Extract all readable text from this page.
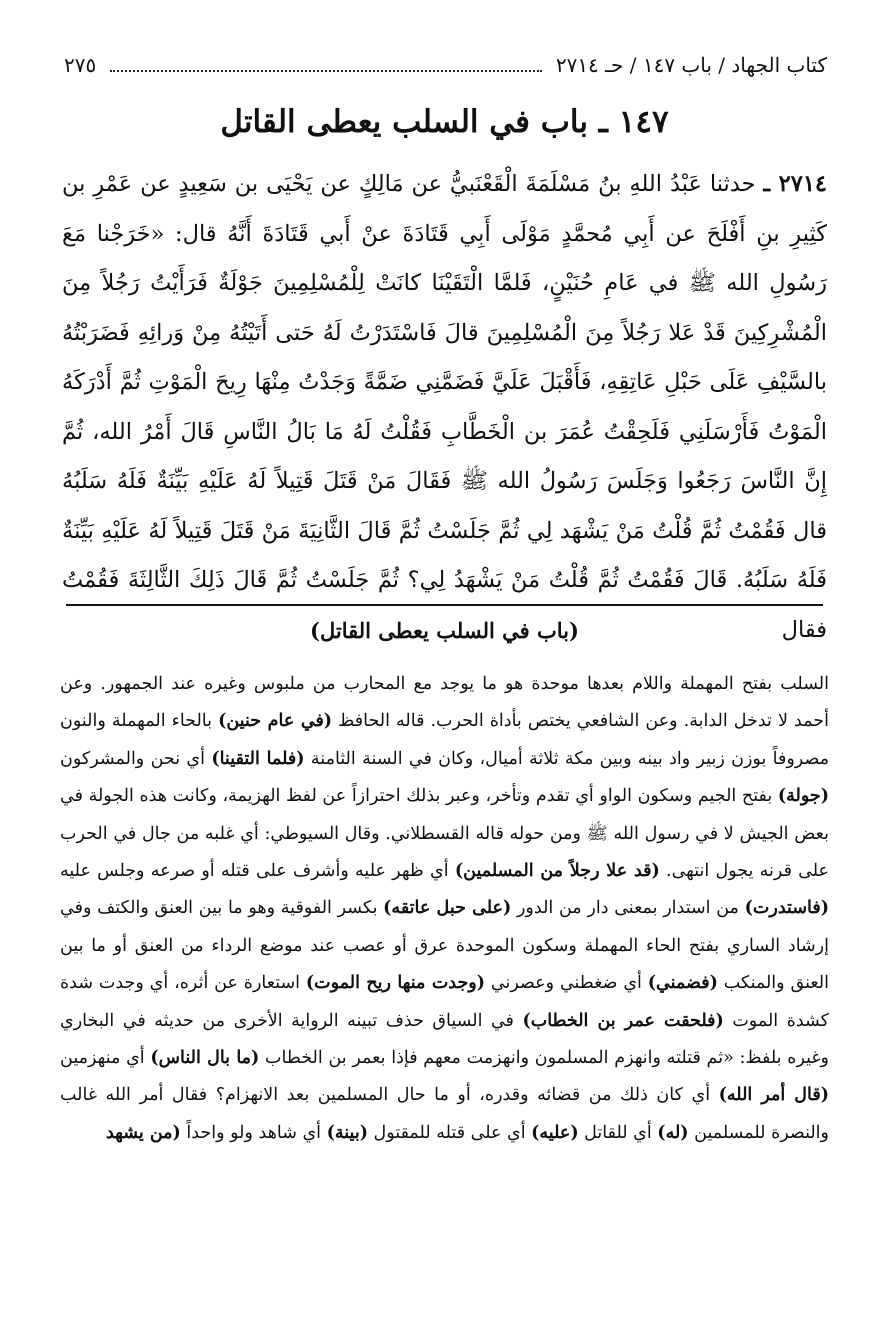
كتاب الجهاد / باب ١٤٧ / حـ ٢٧١٤
٢٧٥
١٤٧ ـ باب في السلب يعطى القاتل
٢٧١٤ ـ حدثنا عَبْدُ اللهِ بنُ مَسْلَمَةَ الْقَعْنَبيُّ عن مَالِكٍ عن يَحْيَى بن سَعِيدٍ عن عَمْرِ بن كَثِيرِ بنِ أَفْلَحَ عن أَبِي مُحمَّدٍ مَوْلَى أَبِي قَتَادَةَ عنْ أَبي قَتَادَةَ أَنَّهُ قال: «خَرَجْنا مَعَ رَسُولِ الله ﷺ في عَامِ حُنَيْنٍ، فَلمَّا الْتَقَيْنَا كانَتْ لِلْمُسْلِمِينَ جَوْلَةٌ فَرَأَيْتُ رَجُلاً مِنَ الْمُشْرِكِينَ قَدْ عَلا رَجُلاً مِنَ الْمُسْلِمِينَ قالَ فَاسْتَدَرْتُ لَهُ حَتى أَتَيْتُهُ مِنْ وَرائِهِ فَضَرَبْتُهُ بالسَّيْفِ عَلَى حَبْلِ عَاتِقِهِ، فَأَقْبَلَ عَلَيَّ فَضَمَّنِي ضَمَّةً وَجَدْتُ مِنْهَا رِيحَ الْمَوْتِ ثُمَّ أَدْرَكَهُ الْمَوْتُ فَأَرْسَلَنِي فَلَحِقْتُ عُمَرَ بن الْخَطَّابِ فَقُلْتُ لَهُ مَا بَالُ النَّاسِ قَالَ أَمْرُ الله، ثُمَّ إِنَّ النَّاسَ رَجَعُوا وَجَلَسَ رَسُولُ الله ﷺ فَقَالَ مَنْ قَتَلَ قَتِيلاً لَهُ عَلَيْهِ بَيِّنَةٌ فَلَهُ سَلَبُهُ قال فَقُمْتُ ثُمَّ قُلْتُ مَنْ يَشْهَد لِي ثُمَّ جَلَسْتُ ثُمَّ قَالَ الثَّانِيَةَ مَنْ قَتَلَ قَتِيلاً لَهُ عَلَيْهِ بَيِّنَةٌ فَلَهُ سَلَبُهُ. قَالَ فَقُمْتُ ثُمَّ قُلْتُ مَنْ يَشْهَدُ لِي؟ ثُمَّ جَلَسْتُ ثُمَّ قَالَ ذَلِكَ الثَّالِثَةَ فَقُمْتُ فقال
(باب في السلب يعطى القاتل)
السلب بفتح المهملة واللام بعدها موحدة هو ما يوجد مع المحارب من ملبوس وغيره عند الجمهور. وعن أحمد لا تدخل الدابة. وعن الشافعي يختص بأداة الحرب. قاله الحافظ (في عام حنين) بالحاء المهملة والنون مصروفاً بوزن زبير واد بينه وبين مكة ثلاثة أميال، وكان في السنة الثامنة (فلما التقينا) أي نحن والمشركون (جولة) بفتح الجيم وسكون الواو أي تقدم وتأخر، وعبر بذلك احترازاً عن لفظ الهزيمة، وكانت هذه الجولة في بعض الجيش لا في رسول الله ﷺ ومن حوله قاله القسطلاني. وقال السيوطي: أي غلبه من جال في الحرب على قرنه يجول انتهى. (قد علا رجلاً من المسلمين) أي ظهر عليه وأشرف على قتله أو صرعه وجلس عليه (فاستدرت) من استدار بمعنى دار من الدور (على حبل عاتقه) بكسر الفوقية وهو ما بين العنق والكتف وفي إرشاد الساري بفتح الحاء المهملة وسكون الموحدة عرق أو عصب عند موضع الرداء من العنق أو ما بين العنق والمنكب (فضمني) أي ضغطني وعصرني (وجدت منها ريح الموت) استعارة عن أثره، أي وجدت شدة كشدة الموت (فلحقت عمر بن الخطاب) في السياق حذف تبينه الرواية الأخرى من حديثه في البخاري وغيره بلفظ: «ثم قتلته وانهزم المسلمون وانهزمت معهم فإذا بعمر بن الخطاب (ما بال الناس) أي منهزمين (قال أمر الله) أي كان ذلك من قضائه وقدره، أو ما حال المسلمين بعد الانهزام؟ فقال أمر الله غالب والنصرة للمسلمين (له) أي للقاتل (عليه) أي على قتله للمقتول (بينة) أي شاهد ولو واحداً (من يشهد
